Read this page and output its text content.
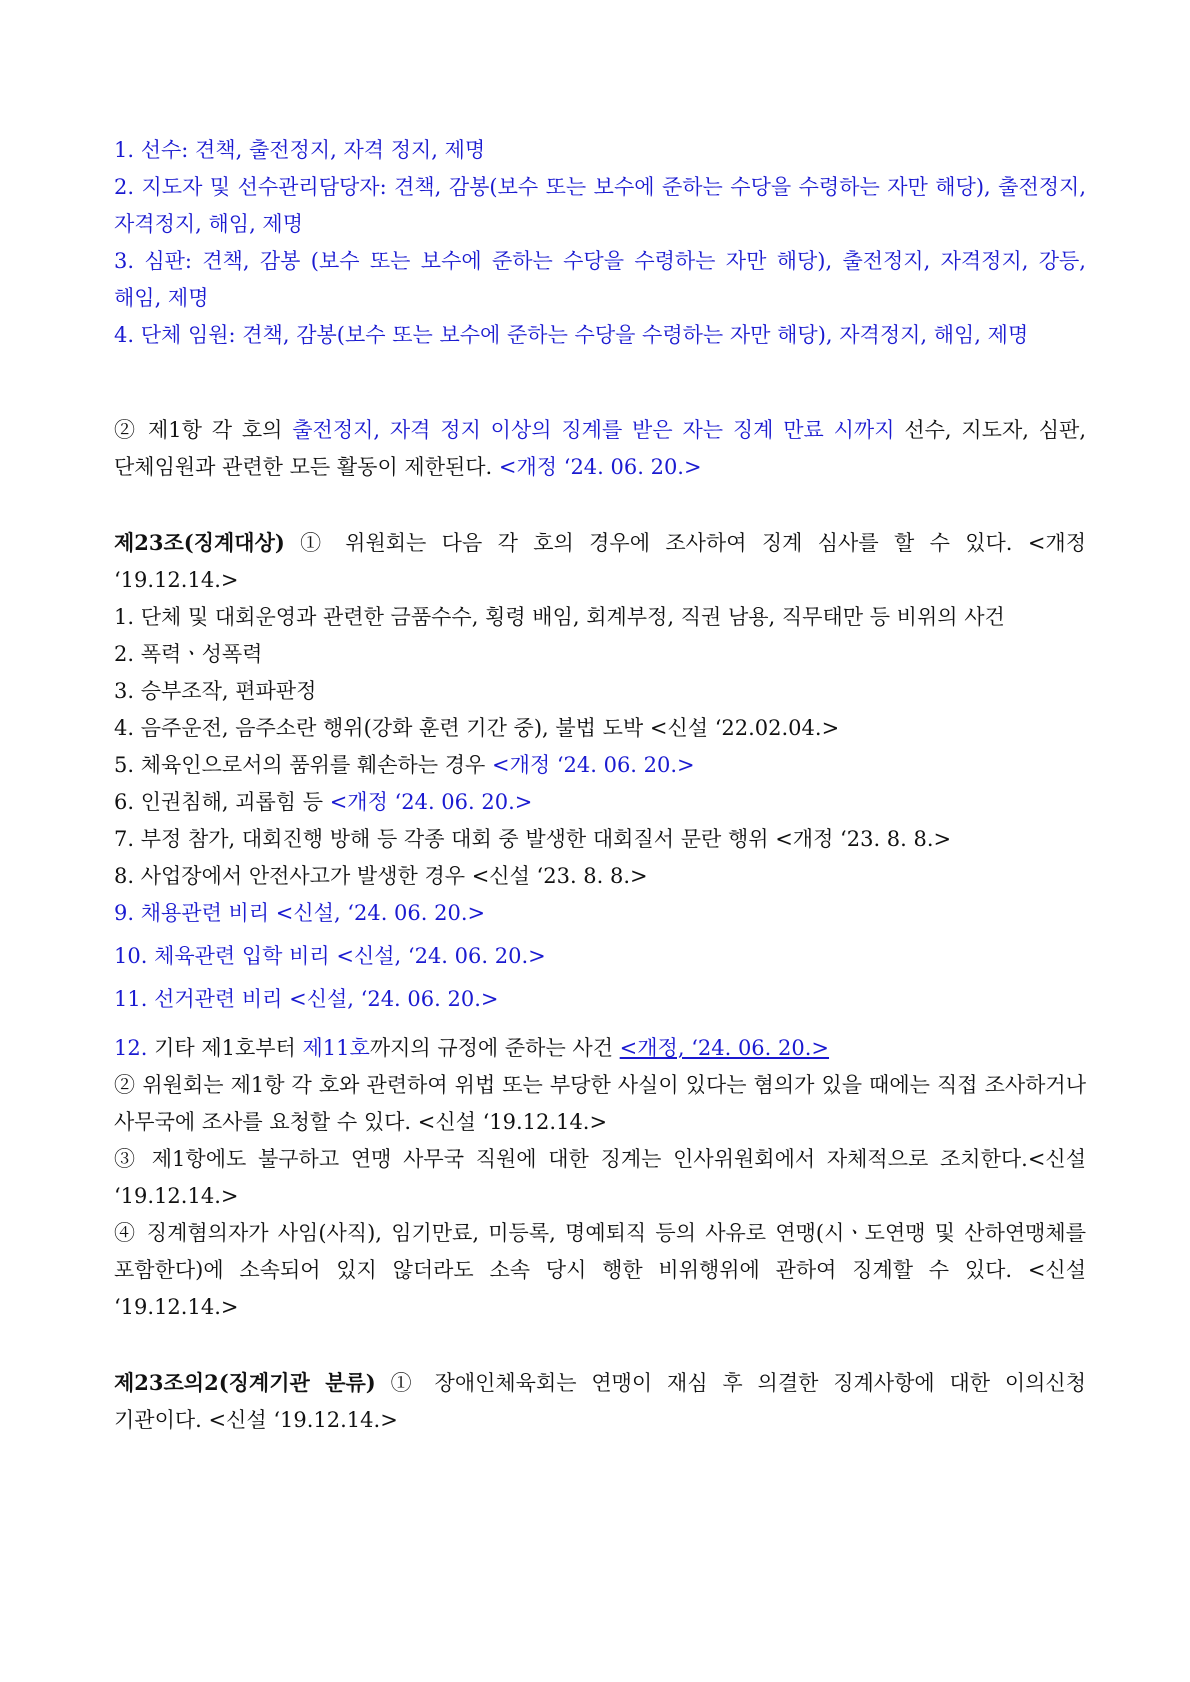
1. 선수: 견책, 출전정지, 자격 정지, 제명

2. 지도자 및 선수관리담당자: 견책, 감봉(보수 또는 보수에 준하는 수당을 수령하는 자만 해당), 출전정지, 자격정지, 해임, 제명

3. 심판: 견책, 감봉 (보수 또는 보수에 준하는 수당을 수령하는 자만 해당), 출전정지, 자격정지, 강등, 해임, 제명

4. 단체 임원: 견책, 감봉(보수 또는 보수에 준하는 수당을 수령하는 자만 해당), 자격정지, 해임, 제명

② 제1항 각 호의 출전정지, 자격 정지 이상의 징계를 받은 자는 징계 만료 시까지 선수, 지도자, 심판, 단체임원과 관련한 모든 활동이 제한된다. <개정 ‘24. 06. 20.>

제23조(징계대상) ① 위원회는 다음 각 호의 경우에 조사하여 징계 심사를 할 수 있다. <개정 ‘19.12.14.>

1. 단체 및 대회운영과 관련한 금품수수, 횡령 배임, 회계부정, 직권 남용, 직무태만 등 비위의 사건

2. 폭력ㆍ성폭력

3. 승부조작, 편파판정

4. 음주운전, 음주소란 행위(강화 훈련 기간 중), 불법 도박 <신설 ‘22.02.04.>

5. 체육인으로서의 품위를 훼손하는 경우 <개정 ‘24. 06. 20.>

6. 인권침해, 괴롭힘 등 <개정 ‘24. 06. 20.>

7. 부정 참가, 대회진행 방해 등 각종 대회 중 발생한 대회질서 문란 행위 <개정 ‘23. 8. 8.>

8. 사업장에서 안전사고가 발생한 경우 <신설 ‘23. 8. 8.>

9. 채용관련 비리 <신설, ‘24. 06. 20.>

10. 체육관련 입학 비리 <신설, ‘24. 06. 20.>

11. 선거관련 비리 <신설, ‘24. 06. 20.>

12. 기타 제1호부터 제11호까지의 규정에 준하는 사건 <개정, ‘24. 06. 20.>

② 위원회는 제1항 각 호와 관련하여 위법 또는 부당한 사실이 있다는 혐의가 있을 때에는 직접 조사하거나 사무국에 조사를 요청할 수 있다. <신설 ‘19.12.14.>

③ 제1항에도 불구하고 연맹 사무국 직원에 대한 징계는 인사위원회에서 자체적으로 조치한다.<신설 ‘19.12.14.>

④ 징계혐의자가 사임(사직), 임기만료, 미등록, 명예퇴직 등의 사유로 연맹(시ㆍ도연맹 및 산하연맹체를 포함한다)에 소속되어 있지 않더라도 소속 당시 행한 비위행위에 관하여 징계할 수 있다. <신설 ‘19.12.14.>

제23조의2(징계기관 분류) ① 장애인체육회는 연맹이 재심 후 의결한 징계사항에 대한 이의신청 기관이다. <신설 ‘19.12.14.>
